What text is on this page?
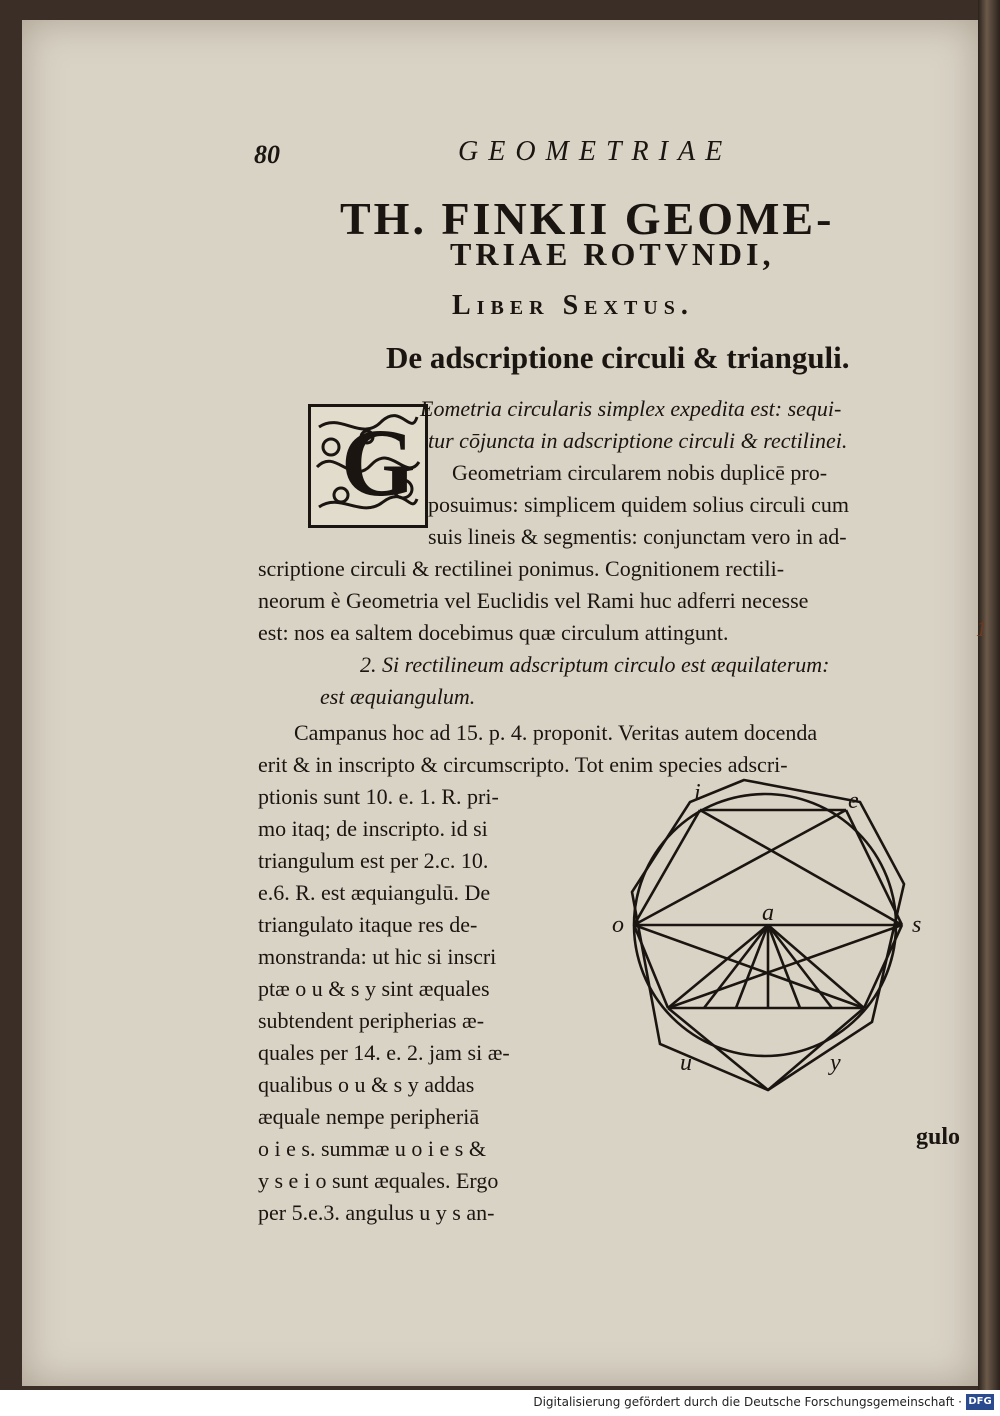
80	GEOMETRIAE
TH. FINKII GEOME-
TRIAE ROTVNDI,
Liber Sextus.
De adscriptione circuli & trianguli.
G
Eometria circularis simplex expedita est: sequi-
tur cōjuncta in adscriptione circuli & rectilinei.
Geometriam circularem nobis duplicē pro-
posuimus: simplicem quidem solius circuli cum
suis lineis & segmentis: conjunctam vero in ad-
scriptione circuli & rectilinei ponimus. Cognitionem rectili-
neorum è Geometria vel Euclidis vel Rami huc adferri necesse
est: nos ea saltem docebimus quæ circulum attingunt.
2. Si rectilineum adscriptum circulo est æquilaterum:
est æquiangulum.
Campanus hoc ad 15. p. 4. proponit. Veritas autem docenda
erit & in inscripto & circumscripto. Tot enim species adscri-
ptionis sunt 10. e. 1. R. pri-
mo itaq; de inscripto. id si
triangulum est per 2.c. 10.
e.6. R. est æquiangulū. De
triangulato itaque res de-
monstranda: ut hic si inscri
ptæ o u & s y sint æquales
subtendent peripherias æ-
quales per 14. e. 2. jam si æ-
qualibus o u & s y addas
æquale nempe peripheriā
o i e s. summæ u o i e s &
y s e i o sunt æquales. Ergo
per 5.e.3. angulus u y s an-
1
i	e
o	a	s
u	y
gulo
Digitalisierung gefördert durch die Deutsche Forschungsgemeinschaft · DFG
